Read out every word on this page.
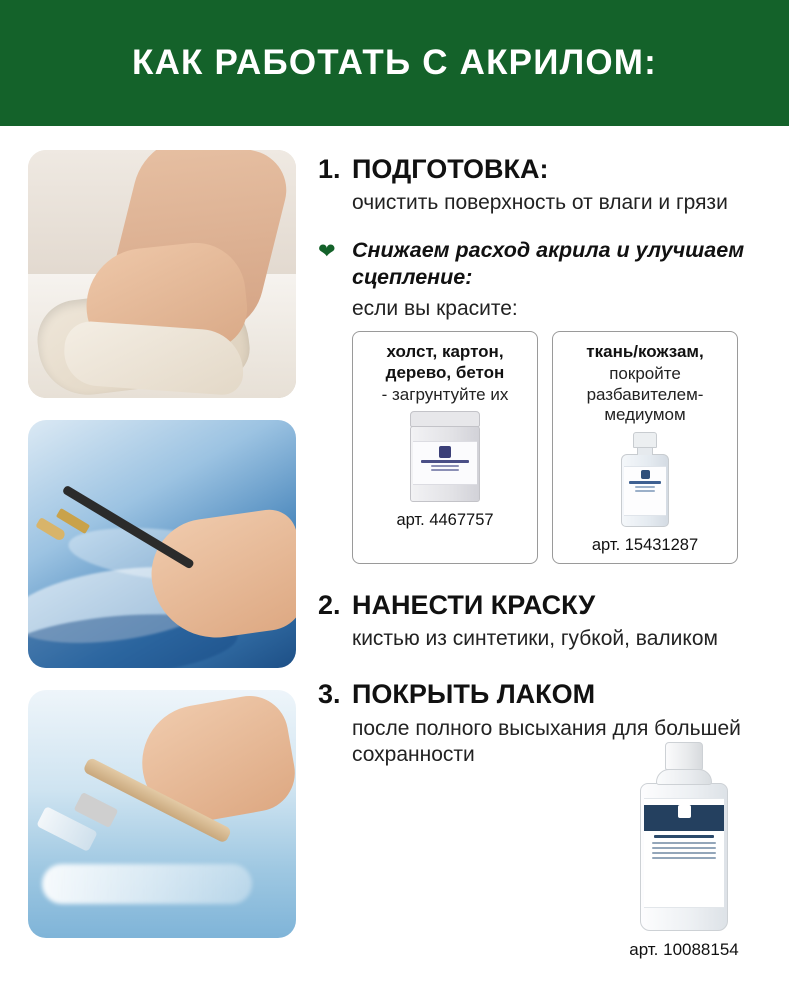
КАК РАБОТАТЬ С АКРИЛОМ:
1. ПОДГОТОВКА:
очистить поверхность от влаги и грязи
❤ Снижаем расход акрила и улучшаем сцепление:
если вы красите:
холст, картон, дерево, бетон
- загрунтуйте их
арт. 4467757
ткань/кожзам,
покройте разбавителем-медиумом
арт. 15431287
2. НАНЕСТИ КРАСКУ
кистью из синтетики, губкой, валиком
3. ПОКРЫТЬ ЛАКОМ
после полного высыхания для большей сохранности
арт. 10088154
